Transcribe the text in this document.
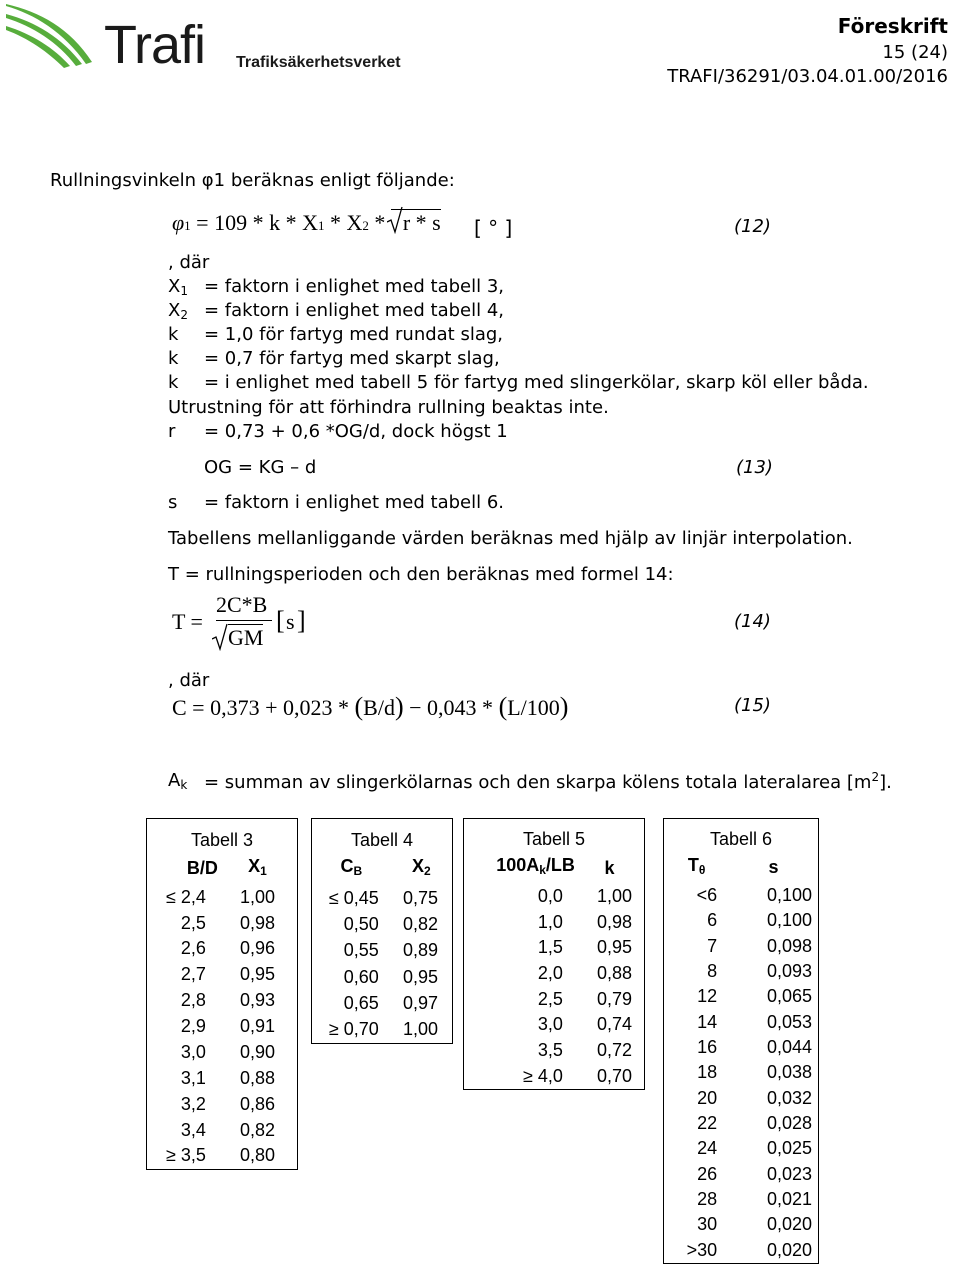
Trafi Trafiksäkerhetsverket
Föreskrift
15 (24)
TRAFI/36291/03.04.01.00/2016
Rullningsvinkeln φ1 beräknas enligt följande:
φ1 = 109 * k * X1 * X2 *
r * s [ ° ]	(12)
, där
$X_1$ = faktorn i enlighet med tabell 3,
$X_2$ = faktorn i enlighet med tabell 4,
k = 1,0 för fartyg med rundat slag,
k = 0,7 för fartyg med skarpt slag,
k = i enlighet med tabell 5 för fartyg med slingerkölar, skarp köl eller båda.
Utrustning för att förhindra rullning beaktas inte.
r = 0,73 + 0,6 *OG/d, dock högst 1
OG = KG – d	(13)
s = faktorn i enlighet med tabell 6.
Tabellens mellanliggande värden beräknas med hjälp av linjär interpolation.
T = rullningsperioden och den beräknas med formel 14:
T =
2C*B
GM
[ s ]	(14)
, där
C = 0,373 + 0,023 * (B/d) − 0,043 * (L/100)	(15)
$A_k$ = summan av slingerkölarnas och den skarpa kölens totala lateralarea $[m^2]$.
Tabell 3	
B/D	$X_1$
≤ 2,4	1,00
2,5	0,98
2,6	0,96
2,7	0,95
2,8	0,93
2,9	0,91
3,0	0,90
3,1	0,88
3,2	0,86
3,4	0,82
≥ 3,5	0,80

Tabell 4	
$C_B$	$X_2$
≤ 0,45	0,75
0,50	0,82
0,55	0,89
0,60	0,95
0,65	0,97
≥ 0,70	1,00

Tabell 5	
$100A_k/LB$	k
0,0	1,00
1,0	0,98
1,5	0,95
2,0	0,88
2,5	0,79
3,0	0,74
3,5	0,72
≥ 4,0	0,70

Tabell 6	
$T_\theta$	s
<6	0,100
6	0,100
7	0,098
8	0,093
12	0,065
14	0,053
16	0,044
18	0,038
20	0,032
22	0,028
24	0,025
26	0,023
28	0,021
30	0,020
>30	0,020
